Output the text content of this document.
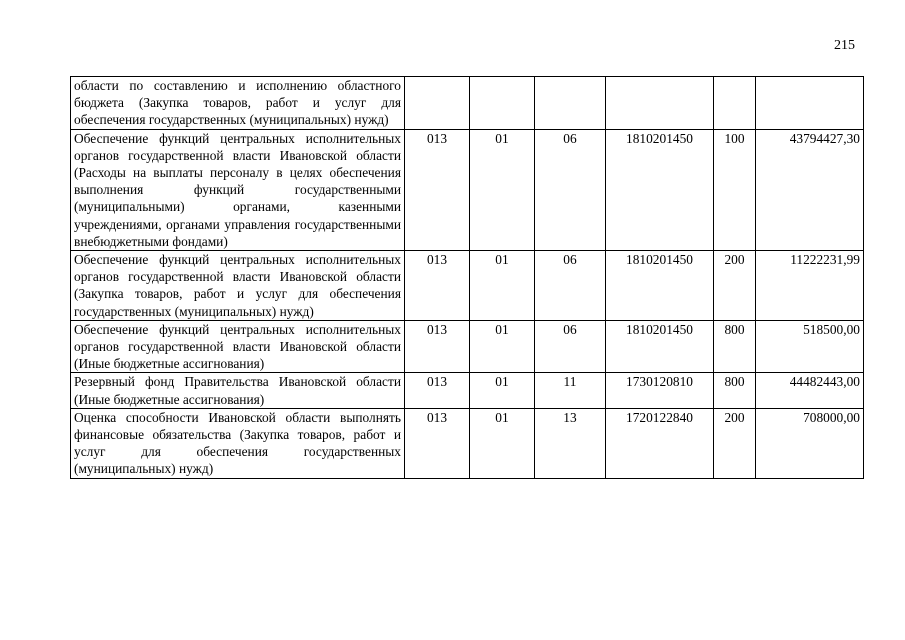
215
области по составлению и исполнению областного бюджета (Закупка товаров, работ и услуг для обеспечения государственных (муниципальных) нужд)						
Обеспечение функций центральных исполнительных органов государственной власти Ивановской области (Расходы на выплаты персоналу в целях обеспечения выполнения функций государственными (муниципальными) органами, казенными учреждениями, органами управления государственными внебюджетными фондами)	013	01	06	1810201450	100	43794427,30
Обеспечение функций центральных исполнительных органов государственной власти Ивановской области (Закупка товаров, работ и услуг для обеспечения государственных (муниципальных) нужд)	013	01	06	1810201450	200	11222231,99
Обеспечение функций центральных исполнительных органов государственной власти Ивановской области (Иные бюджетные ассигнования)	013	01	06	1810201450	800	518500,00
Резервный фонд Правительства Ивановской области (Иные бюджетные ассигнования)	013	01	11	1730120810	800	44482443,00
Оценка способности Ивановской области выполнять финансовые обязательства (Закупка товаров, работ и услуг для обеспечения государственных (муниципальных) нужд)	013	01	13	1720122840	200	708000,00
